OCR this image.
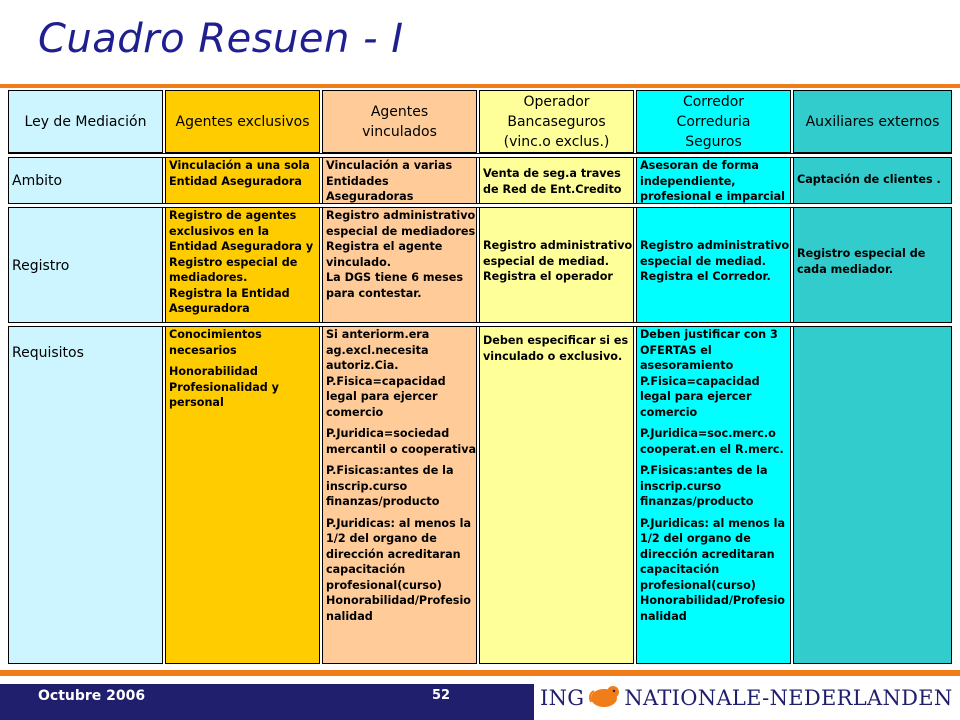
Cuadro Resuen - I
Ley de Mediación Agentes exclusivos
Agentes vinculados
Operador Bancaseguros (vinc.o exclus.)
Corredor Correduria Seguros
Auxiliares externos
Ambito
Vinculación a una sola
Entidad Aseguradora
Vinculación a varias
Entidades
Aseguradoras
Venta de seg.a traves
de Red de Ent.Credito
Asesoran de forma
independiente,
profesional e imparcial
Captación de clientes .
Registro
Registro de agentes
exclusivos en la
Entidad Aseguradora y
Registro especial de
mediadores.
Registra la Entidad
Aseguradora
Registro administrativo
especial de mediadores
Registra el agente
vinculado.
La DGS tiene 6 meses
para contestar.
Registro administrativo
especial de mediad.
Registra el operador
Registro administrativo
especial de mediad.
Registra el Corredor.
Registro especial de
cada mediador.
Requisitos
Conocimientos
necesarios
Honorabilidad
Profesionalidad y
personal
Si anteriorm.era
ag.excl.necesita
autoriz.Cia.
P.Fisica=capacidad
legal para ejercer
comercio
P.Juridica=sociedad
mercantil o cooperativa
P.Fisicas:antes de la
inscrip.curso
finanzas/producto
P.Juridicas: al menos la
1/2 del organo de
dirección acreditaran
capacitación
profesional(curso)
Honorabilidad/Profesio
nalidad
Deben especificar si es
vinculado o exclusivo.
Deben justificar con 3
OFERTAS el
asesoramiento
P.Fisica=capacidad
legal para ejercer
comercio
P.Juridica=soc.merc.o
cooperat.en el R.merc.
P.Fisicas:antes de la
inscrip.curso
finanzas/producto
P.Juridicas: al menos la
1/2 del organo de
dirección acreditaran
capacitación
profesional(curso)
Honorabilidad/Profesio
nalidad
Octubre 2006	52	ING NATIONALE-NEDERLANDEN
